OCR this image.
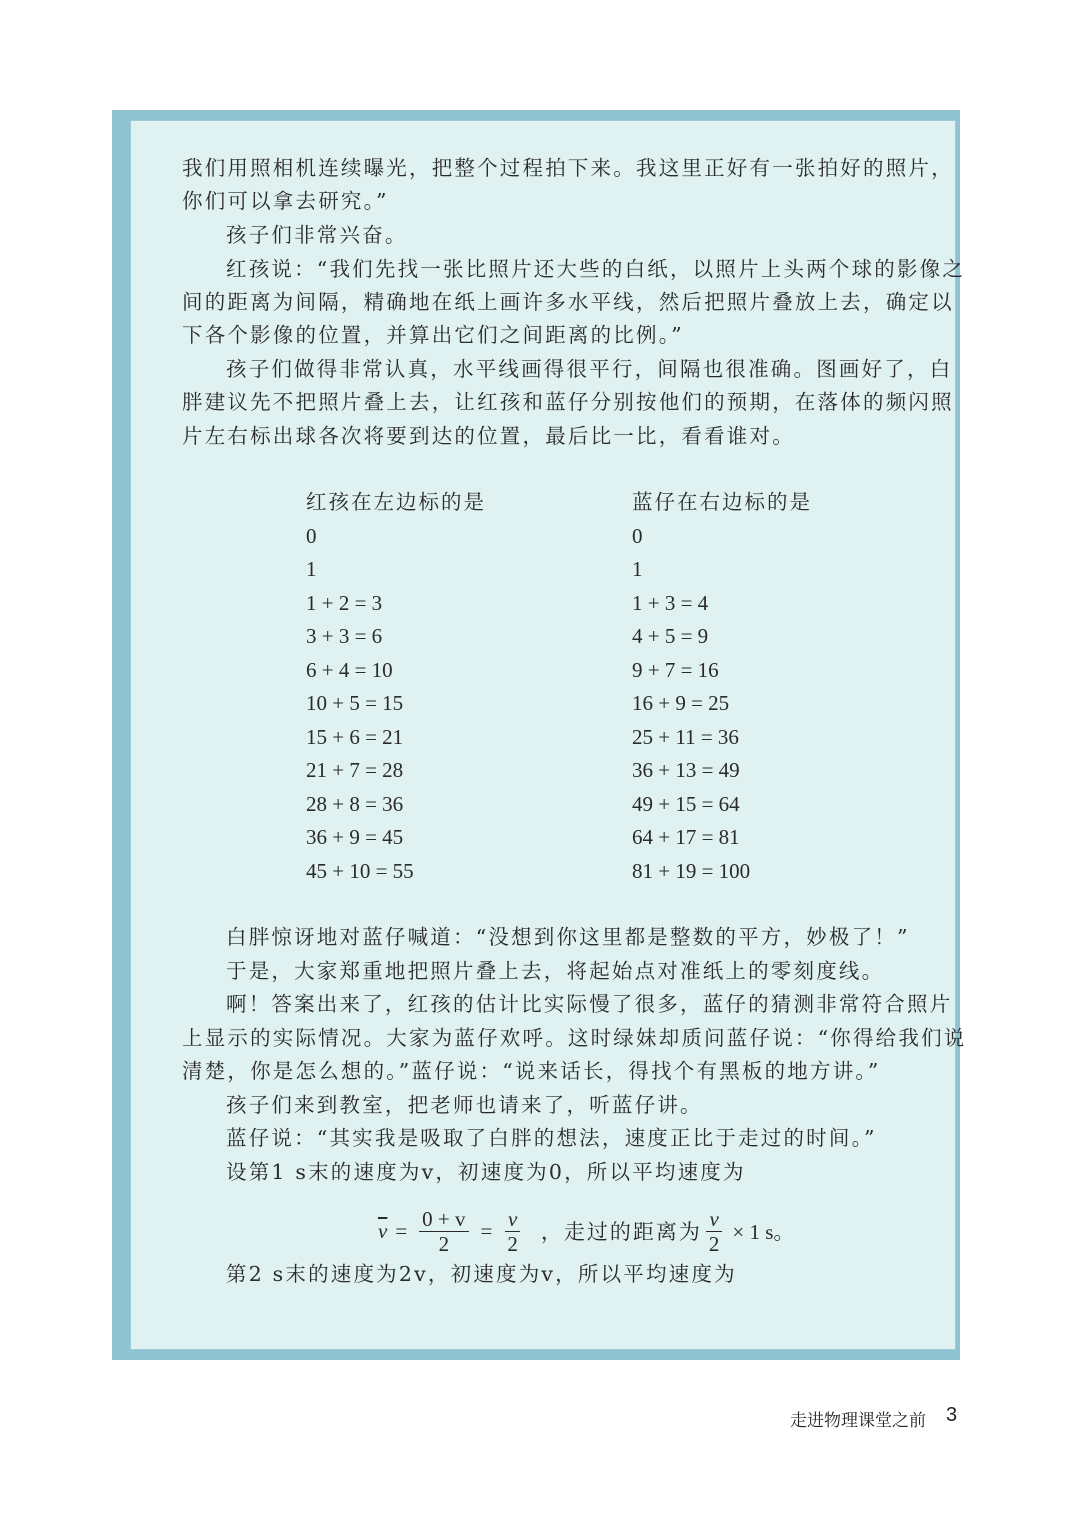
我们用照相机连续曝光，把整个过程拍下来。我这里正好有一张拍好的照片，
你们可以拿去研究。”
孩子们非常兴奋。
红孩说：“我们先找一张比照片还大些的白纸，以照片上头两个球的影像之
间的距离为间隔，精确地在纸上画许多水平线，然后把照片叠放上去，确定以
下各个影像的位置，并算出它们之间距离的比例。”
孩子们做得非常认真，水平线画得很平行，间隔也很准确。图画好了，白
胖建议先不把照片叠上去，让红孩和蓝仔分别按他们的预期，在落体的频闪照
片左右标出球各次将要到达的位置，最后比一比，看看谁对。
红孩在左边标的是
0
1
1 + 2 = 3
3 + 3 = 6
6 + 4 = 10
10 + 5 = 15
15 + 6 = 21
21 + 7 = 28
28 + 8 = 36
36 + 9 = 45
45 + 10 = 55
蓝仔在右边标的是
0
1
1 + 3 = 4
4 + 5 = 9
9 + 7 = 16
16 + 9 = 25
25 + 11 = 36
36 + 13 = 49
49 + 15 = 64
64 + 17 = 81
81 + 19 = 100
白胖惊讶地对蓝仔喊道：“没想到你这里都是整数的平方，妙极了！”
于是，大家郑重地把照片叠上去，将起始点对准纸上的零刻度线。
啊！答案出来了，红孩的估计比实际慢了很多，蓝仔的猜测非常符合照片
上显示的实际情况。大家为蓝仔欢呼。这时绿妹却质问蓝仔说：“你得给我们说
清楚，你是怎么想的。”蓝仔说：“说来话长，得找个有黑板的地方讲。”
孩子们来到教室，把老师也请来了，听蓝仔讲。
蓝仔说：“其实我是吸取了白胖的想法，速度正比于走过的时间。”
设第1 s末的速度为v，初速度为0，所以平均速度为
$\overline{v} = \frac{0 + v}{2} = \frac{v}{2}$ ，走过的距离为 $\frac{v}{2} \times 1$ s。
第2 s末的速度为2v，初速度为v，所以平均速度为
走进物理课堂之前 3
